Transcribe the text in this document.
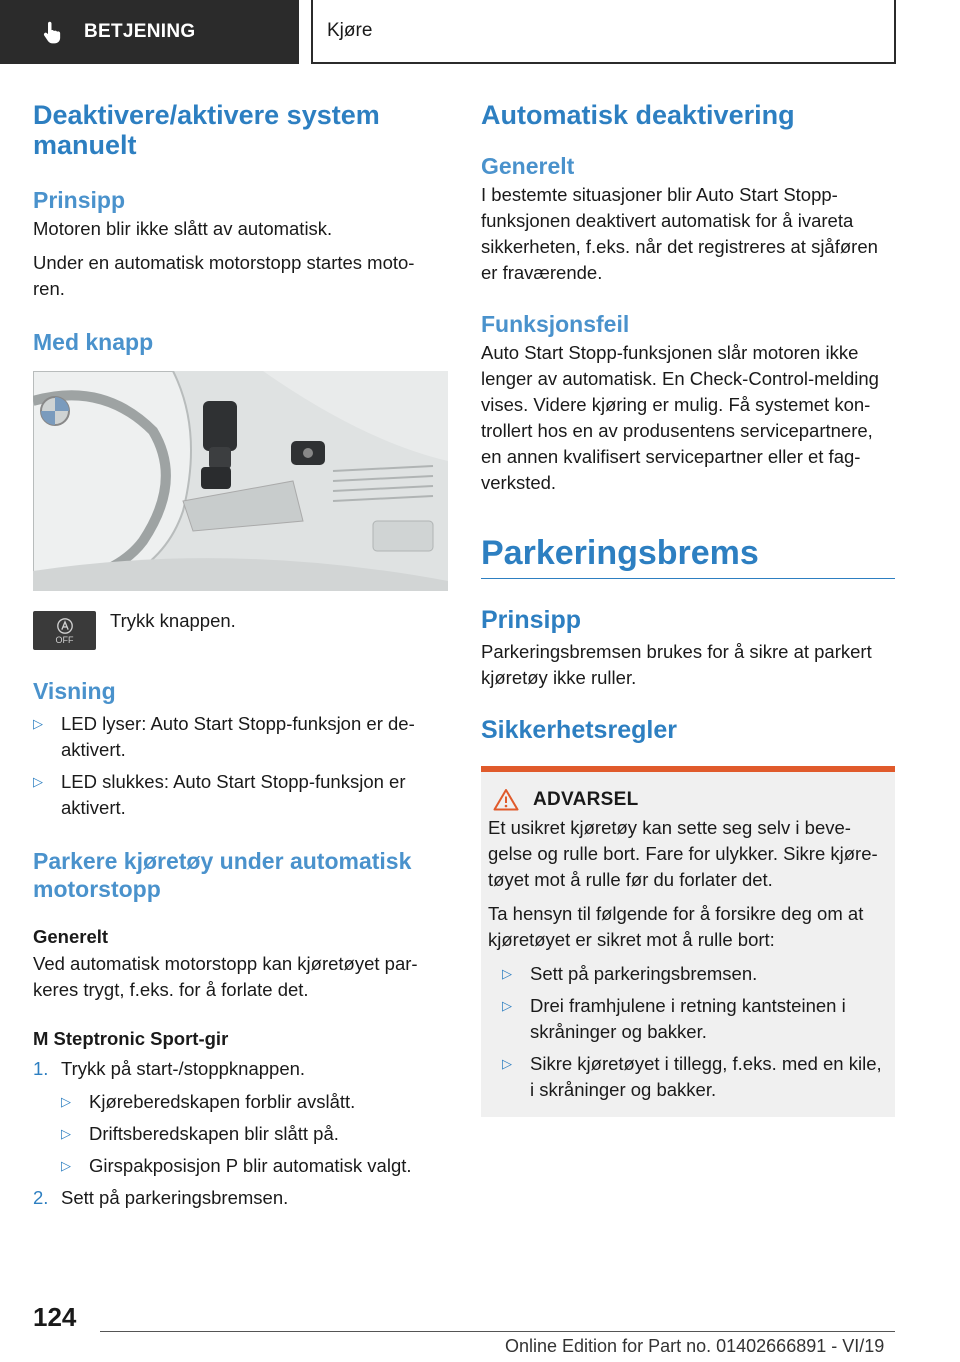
BETJENING	Kjøre
Deaktivere/aktivere system manuelt
Prinsipp
Motoren blir ikke slått av automatisk.
Under en automatisk motorstopp startes moto-ren.
Med knapp
OFF
Trykk knappen.
Visning
▷ LED lyser: Auto Start Stopp-funksjon er de-aktivert.
▷ LED slukkes: Auto Start Stopp-funksjon er aktivert.
Parkere kjøretøy under automatisk motorstopp
Generelt
Ved automatisk motorstopp kan kjøretøyet par-keres trygt, f.eks. for å forlate det.
M Steptronic Sport-gir
1. Trykk på start-/stoppknappen.
▷ Kjøreberedskapen forblir avslått.
▷ Driftsberedskapen blir slått på.
▷ Girspakposisjon P blir automatisk valgt.
2. Sett på parkeringsbremsen.
Automatisk deaktivering
Generelt
I bestemte situasjoner blir Auto Start Stopp-funksjonen deaktivert automatisk for å ivareta sikkerheten, f.eks. når det registreres at sjåføren er fraværende.
Funksjonsfeil
Auto Start Stopp-funksjonen slår motoren ikke lenger av automatisk. En Check-Control-melding vises. Videre kjøring er mulig. Få systemet kon-trollert hos en av produsentens servicepartnere, en annen kvalifisert servicepartner eller et fag-verksted.
Parkeringsbrems
Prinsipp
Parkeringsbremsen brukes for å sikre at parkert kjøretøy ikke ruller.
Sikkerhetsregler
ADVARSEL
Et usikret kjøretøy kan sette seg selv i beve-gelse og rulle bort. Fare for ulykker. Sikre kjøre-tøyet mot å rulle før du forlater det.
Ta hensyn til følgende for å forsikre deg om at kjøretøyet er sikret mot å rulle bort:
▷ Sett på parkeringsbremsen.
▷ Drei framhjulene i retning kantsteinen i skråninger og bakker.
▷ Sikre kjøretøyet i tillegg, f.eks. med en kile, i skråninger og bakker.
124
Online Edition for Part no. 01402666891 - VI/19
